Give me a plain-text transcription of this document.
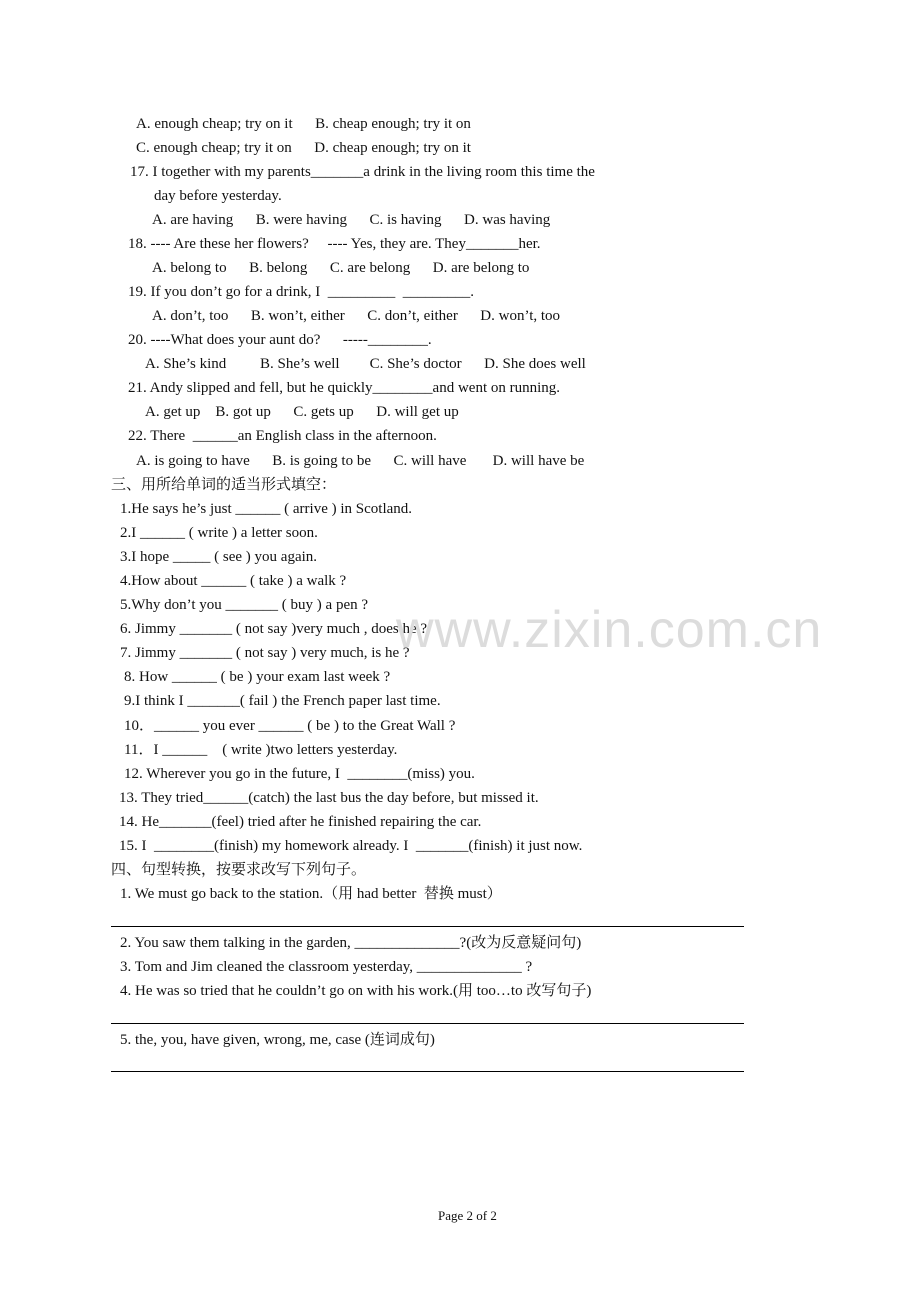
A. enough cheap; try on it      B. cheap enough; try it on
C. enough cheap; try it on      D. cheap enough; try on it
17. I together with my parents_______a drink in the living room this time the
day before yesterday.
A. are having      B. were having      C. is having      D. was having
18. ---- Are these her flowers?     ---- Yes, they are. They_______her.
A. belong to      B. belong      C. are belong      D. are belong to
19. If you don’t go for a drink, I  _________  _________.
A. don’t, too      B. won’t, either      C. don’t, either      D. won’t, too
20. ----What does your aunt do?      -----________.
A. She’s kind         B. She’s well        C. She’s doctor      D. She does well
21. Andy slipped and fell, but he quickly________and went on running.
A. get up    B. got up      C. gets up      D. will get up
22. There  ______an English class in the afternoon.
A. is going to have      B. is going to be      C. will have       D. will have be
三、用所给单词的适当形式填空：
1.He says he’s just ______ ( arrive ) in Scotland.
2.I ______ ( write ) a letter soon.
3.I hope _____ ( see ) you again.
4.How about ______ ( take ) a walk ?
5.Why don’t you _______ ( buy ) a pen ?
6. Jimmy _______ ( not say )very much , does he ?
7. Jimmy _______ ( not say ) very much, is he ?
8. How ______ ( be ) your exam last week ?
9.I think I _______( fail ) the French paper last time.
10．______ you ever ______ ( be ) to the Great Wall ?
11．I ______    ( write )two letters yesterday.
12. Wherever you go in the future, I  ________(miss) you.
13. They tried______(catch) the last bus the day before, but missed it.
14. He_______(feel) tried after he finished repairing the car.
15. I  ________(finish) my homework already. I  _______(finish) it just now.
四、句型转换，按要求改写下列句子。
1. We must go back to the station.（用 had better  替换 must）
2. You saw them talking in the garden, ______________?(改为反意疑问句)
3. Tom and Jim cleaned the classroom yesterday, ______________ ?
4. He was so tried that he couldn’t go on with his work.(用 too…to 改写句子)
5. the, you, have given, wrong, me, case (连词成句)
www.zixin.com.cn
Page 2 of 2
